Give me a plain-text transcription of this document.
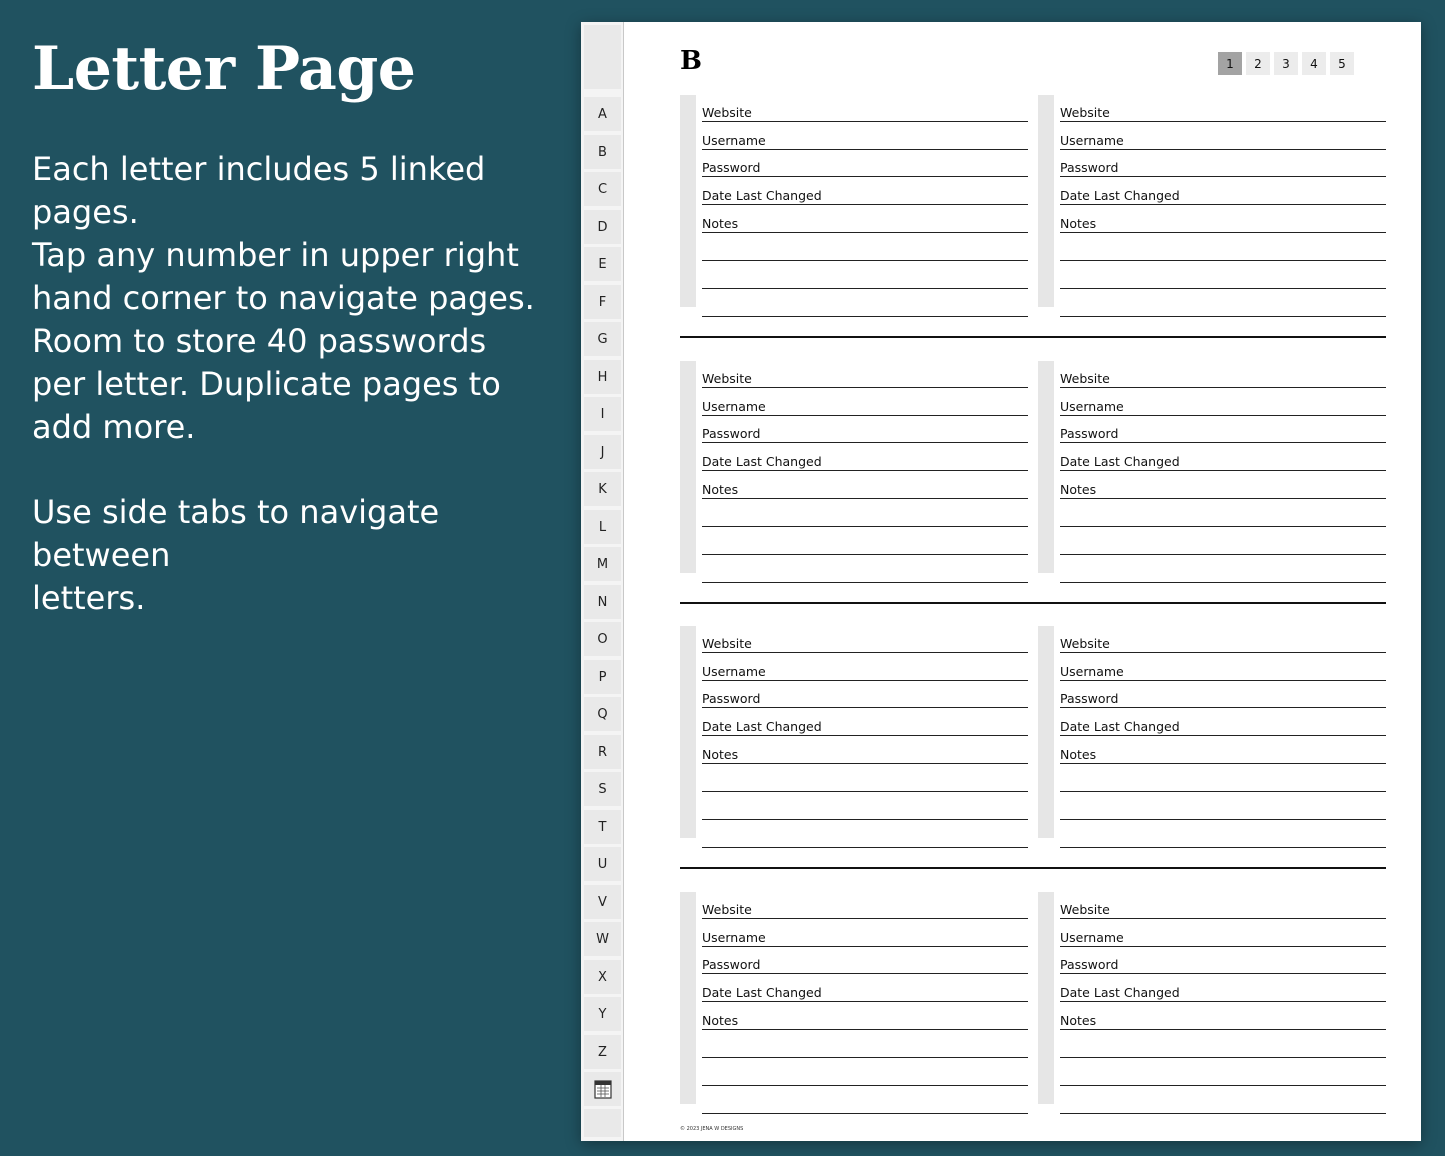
Letter Page
Each letter includes 5 linked pages.
Tap any number in upper right
hand corner to navigate pages.
Room to store 40 passwords
per letter. Duplicate pages to
add more.
Use side tabs to navigate between
letters.
A
B
C
D
E
F
G
H
I
J
K
L
M
N
O
P
Q
R
S
T
U
V
W
X
Y
Z
B	1	2	3	4	5
Website
Username
Password
Date Last Changed
Notes
Website
Username
Password
Date Last Changed
Notes
Website
Username
Password
Date Last Changed
Notes
Website
Username
Password
Date Last Changed
Notes
Website
Username
Password
Date Last Changed
Notes
Website
Username
Password
Date Last Changed
Notes
Website
Username
Password
Date Last Changed
Notes
Website
Username
Password
Date Last Changed
Notes
© 2023 JENA W DESIGNS
